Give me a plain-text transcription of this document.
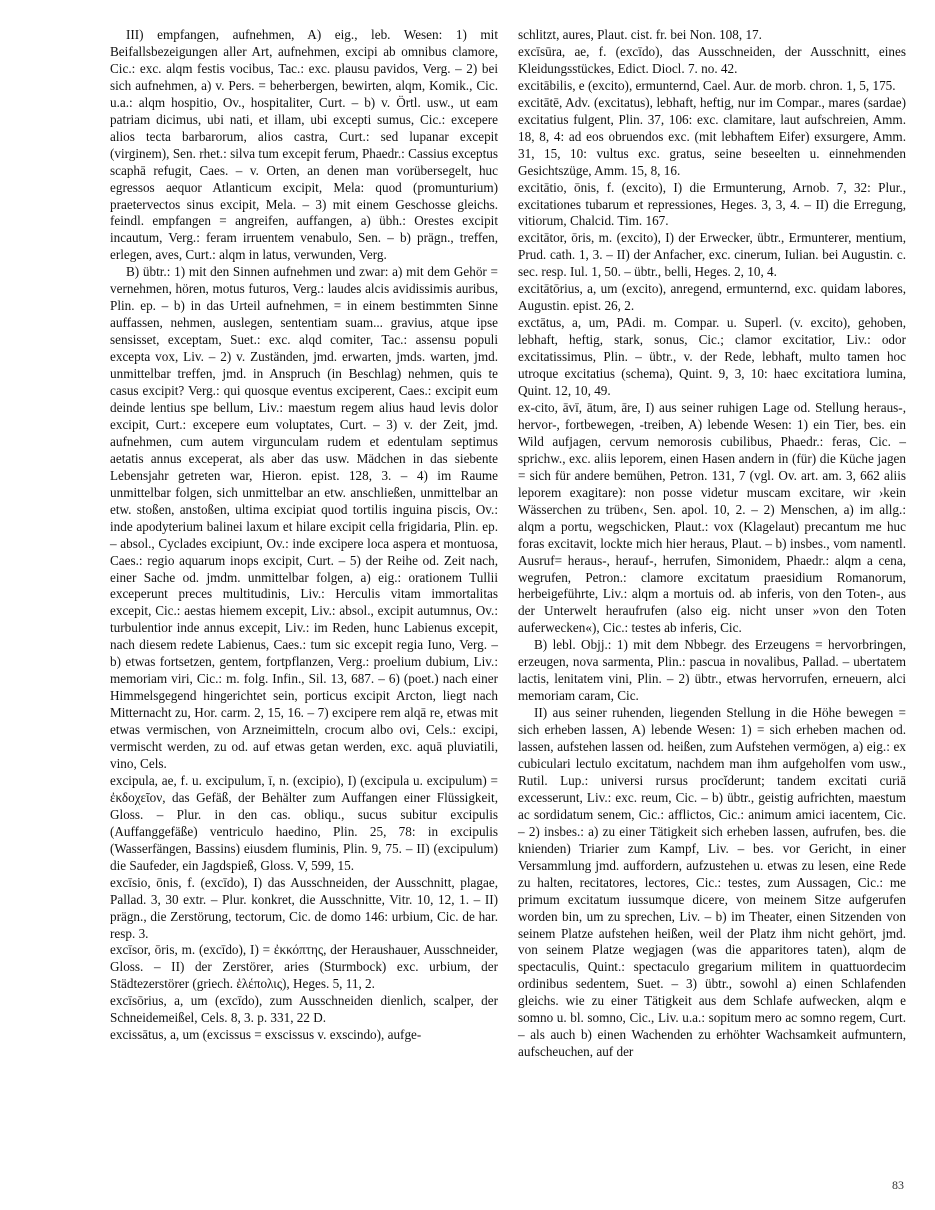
III) empfangen, aufnehmen, A) eig., leb. Wesen: 1) mit Beifallsbezeigungen aller Art, aufnehmen, excipi ab omnibus clamore, Cic.: exc. alqm festis vocibus, Tac.: exc. plausu pavidos, Verg. – 2) bei sich aufnehmen, a) v. Pers. = beherbergen, bewirten, alqm, Komik., Cic. u.a.: alqm hospitio, Ov., hospitaliter, Curt. – b) v. Örtl. usw., ut eam patriam dicimus, ubi nati, et illam, ubi excepti sumus, Cic.: excepere alios tecta barbarorum, alios castra, Curt.: sed lupanar excepit (virginem), Sen. rhet.: silva tum excepit ferum, Phaedr.: Cassius exceptus scaphā refugit, Caes. – v. Orten, an denen man vorübersegelt, huc egressos aequor Atlanticum excipit, Mela: quod (promunturium) praetervectos sinus excipit, Mela. – 3) mit einem Geschosse gleichs. feindl. empfangen = angreifen, auffangen, a) übh.: Orestes excipit incautum, Verg.: feram irruentem venabulo, Sen. – b) prägn., treffen, erlegen, aves, Curt.: alqm in latus, verwunden, Verg.

B) übtr.: 1) mit den Sinnen aufnehmen und zwar: a) mit dem Gehör = vernehmen, hören, motus futuros, Verg.: laudes alcis avidissimis auribus, Plin. ep. – b) in das Urteil aufnehmen, = in einem bestimmten Sinne auffassen, nehmen, auslegen, sententiam suam... gravius, atque ipse sensisset, exceptam, Suet.: exc. alqd comiter, Tac.: assensu populi excepta vox, Liv. – 2) v. Zuständen, jmd. erwarten, jmds. warten, jmd. unmittelbar treffen, jmd. in Anspruch (in Beschlag) nehmen, quis te casus excipit? Verg.: qui quosque eventus exciperent, Caes.: excipit eum deinde lentius spe bellum, Liv.: maestum regem alius haud levis dolor excipit, Curt.: excepere eum voluptates, Curt. – 3) v. der Zeit, jmd. aufnehmen, cum autem virgunculam rudem et edentulam septimus aetatis annus exceperat, als aber das usw. Mädchen in das siebente Lebensjahr getreten war, Hieron. epist. 128, 3. – 4) im Raume unmittelbar folgen, sich unmittelbar an etw. anschließen, unmittelbar an etw. stoßen, anstoßen, ultima excipiat quod tortilis inguina piscis, Ov.: inde apodyterium balinei laxum et hilare excipit cella frigidaria, Plin. ep. – absol., Cyclades excipiunt, Ov.: inde excipere loca aspera et montuosa, Caes.: regio aquarum inops excipit, Curt. – 5) der Reihe od. Zeit nach, einer Sache od. jmdm. unmittelbar folgen, a) eig.: orationem Tullii exceperunt preces multitudinis, Liv.: Herculis vitam immortalitas excepit, Cic.: aestas hiemem excepit, Liv.: absol., excipit autumnus, Ov.: turbulentior inde annus excepit, Liv.: im Reden, hunc Labienus excepit, nach diesem redete Labienus, Caes.: tum sic excepit regia Iuno, Verg. – b) etwas fortsetzen, gentem, fortpflanzen, Verg.: proelium dubium, Liv.: memoriam viri, Cic.: m. folg. Infin., Sil. 13, 687. – 6) (poet.) nach einer Himmelsgegend hingerichtet sein, porticus excipit Arcton, liegt nach Mitternacht zu, Hor. carm. 2, 15, 16. – 7) excipere rem alqā re, etwas mit etwas vermischen, von Arzneimitteln, crocum albo ovi, Cels.: excipi, vermischt werden, zu od. auf etwas getan werden, exc. aquā pluviatili, vino, Cels.

excipula, ae, f. u. excipulum, ī, n. (excipio), I) (excipula u. excipulum) = ἐκδοχεῖον, das Gefäß, der Behälter zum Auffangen einer Flüssigkeit, Gloss. – Plur. in den cas. obliqu., sucus subitur excipulis (Auffanggefäße) ventriculo haedino, Plin. 25, 78: in excipulis (Wasserfängen, Bassins) eiusdem fluminis, Plin. 9, 75. – II) (excipulum) die Saufeder, ein Jagdspieß, Gloss. V, 599, 15.

excīsio, ōnis, f. (excīdo), I) das Ausschneiden, der Ausschnitt, plagae, Pallad. 3, 30 extr. – Plur. konkret, die Ausschnitte, Vitr. 10, 12, 1. – II) prägn., die Zerstörung, tectorum, Cic. de domo 146: urbium, Cic. de har. resp. 3.

excīsor, ōris, m. (excīdo), I) = ἐκκόπτης, der Heraushauer, Ausschneider, Gloss. – II) der Zerstörer, aries (Sturmbock) exc. urbium, der Städtezerstörer (griech. ἑλέπολις), Heges. 5, 11, 2.

excīsōrius, a, um (excīdo), zum Ausschneiden dienlich, scalper, der Schneidemeißel, Cels. 8, 3. p. 331, 22 D.

excissātus, a, um (excissus = exscissus v. exscindo), aufge-

schlitzt, aures, Plaut. cist. fr. bei Non. 108, 17.

excīsūra, ae, f. (excīdo), das Ausschneiden, der Ausschnitt, eines Kleidungsstückes, Edict. Diocl. 7. no. 42.

excitābilis, e (excito), ermunternd, Cael. Aur. de morb. chron. 1, 5, 175.

excitātē, Adv. (excitatus), lebhaft, heftig, nur im Compar., mares (sardae) excitatius fulgent, Plin. 37, 106: exc. clamitare, laut aufschreien, Amm. 18, 8, 4: ad eos obruendos exc. (mit lebhaftem Eifer) exsurgere, Amm. 31, 15, 10: vultus exc. gratus, seine beseelten u. einnehmenden Gesichtszüge, Amm. 15, 8, 16.

excitātio, ōnis, f. (excito), I) die Ermunterung, Arnob. 7, 32: Plur., excitationes tubarum et repressiones, Heges. 3, 3, 4. – II) die Erregung, vitiorum, Chalcid. Tim. 167.

excitātor, ōris, m. (excito), I) der Erwecker, übtr., Ermunterer, mentium, Prud. cath. 1, 3. – II) der Anfacher, exc. cinerum, Iulian. bei Augustin. c. sec. resp. Iul. 1, 50. – übtr., belli, Heges. 2, 10, 4.

excitātōrius, a, um (excito), anregend, ermunternd, exc. quidam labores, Augustin. epist. 26, 2.

exctātus, a, um, PAdi. m. Compar. u. Superl. (v. excito), gehoben, lebhaft, heftig, stark, sonus, Cic.; clamor excitatior, Liv.: odor excitatissimus, Plin. – übtr., v. der Rede, lebhaft, multo tamen hoc utroque excitatius (schema), Quint. 9, 3, 10: haec excitatiora lumina, Quint. 12, 10, 49.

ex-cito, āvī, ātum, āre, I) aus seiner ruhigen Lage od. Stellung heraus-, hervor-, fortbewegen, -treiben, A) lebende Wesen: 1) ein Tier, bes. ein Wild aufjagen, cervum nemorosis cubilibus, Phaedr.: feras, Cic. – sprichw., exc. aliis leporem, einen Hasen andern in (für) die Küche jagen = sich für andere bemühen, Petron. 131, 7 (vgl. Ov. art. am. 3, 662 aliis leporem exagitare): non posse videtur muscam excitare, wir ›kein Wässerchen zu trüben‹, Sen. apol. 10, 2. – 2) Menschen, a) im allg.: alqm a portu, wegschicken, Plaut.: vox (Klagelaut) precantum me huc foras excitavit, lockte mich hier heraus, Plaut. – b) insbes., vom namentl. Ausruf= heraus-, herauf-, herrufen, Simonidem, Phaedr.: alqm a cena, wegrufen, Petron.: clamore excitatum praesidium Romanorum, herbeigeführte, Liv.: alqm a mortuis od. ab inferis, von den Toten-, aus der Unterwelt heraufrufen (also eig. nicht unser »von den Toten auferwecken«), Cic.: testes ab inferis, Cic.

B) lebl. Objj.: 1) mit dem Nbbegr. des Erzeugens = hervorbringen, erzeugen, nova sarmenta, Plin.: pascua in novalibus, Pallad. – ubertatem lactis, lenitatem vini, Plin. – 2) übtr., etwas hervorrufen, erneuern, alci memoriam caram, Cic.

II) aus seiner ruhenden, liegenden Stellung in die Höhe bewegen = sich erheben lassen, A) lebende Wesen: 1) = sich erheben machen od. lassen, aufstehen lassen od. heißen, zum Aufstehen vermögen, a) eig.: ex cubiculari lectulo excitatum, nachdem man ihm aufgeholfen vom usw., Rutil. Lup.: universi rursus procĭderunt; tandem excitati curiā excesserunt, Liv.: exc. reum, Cic. – b) übtr., geistig aufrichten, maestum ac sordidatum senem, Cic.: afflictos, Cic.: animum amici iacentem, Cic. – 2) insbes.: a) zu einer Tätigkeit sich erheben lassen, aufrufen, bes. die knienden) Triarier zum Kampf, Liv. – bes. vor Gericht, in einer Versammlung jmd. auffordern, aufzustehen u. etwas zu lesen, eine Rede zu halten, recitatores, lectores, Cic.: testes, zum Aussagen, Cic.: me primum excitatum iussumque dicere, von meinem Sitze aufgerufen worden bin, um zu sprechen, Liv. – b) im Theater, einen Sitzenden von seinem Platze aufstehen heißen, weil der Platz ihm nicht gehört, jmd. von seinem Platze wegjagen (was die apparitores taten), alqm de spectaculis, Quint.: spectaculo gregarium militem in quattuordecim ordinibus sedentem, Suet. – 3) übtr., sowohl a) einen Schlafenden gleichs. wie zu einer Tätigkeit aus dem Schlafe aufwecken, alqm e somno u. bl. somno, Cic., Liv. u.a.: sopitum mero ac somno regem, Curt. – als auch b) einen Wachenden zu erhöhter Wachsamkeit aufmuntern, aufscheuchen, auf der

83
